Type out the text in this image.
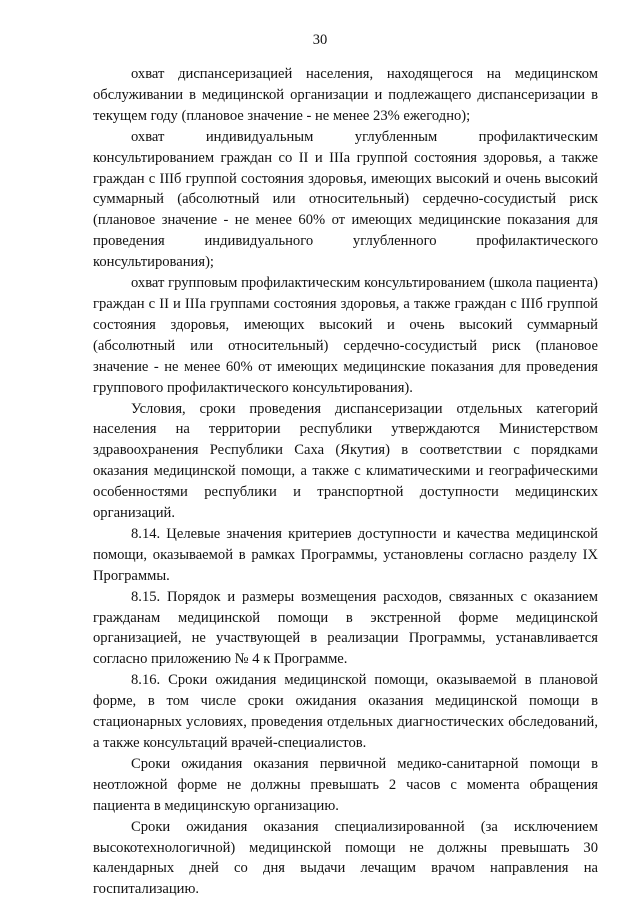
30

охват диспансеризацией населения, находящегося на медицинском обслуживании в медицинской организации и подлежащего диспансеризации в текущем году (плановое значение - не менее 23% ежегодно);

охват индивидуальным углубленным профилактическим консультированием граждан со II и IIIа группой состояния здоровья, а также граждан с IIIб группой состояния здоровья, имеющих высокий и очень высокий суммарный (абсолютный или относительный) сердечно-сосудистый риск (плановое значение - не менее 60% от имеющих медицинские показания для проведения индивидуального углубленного профилактического консультирования);

охват групповым профилактическим консультированием (школа пациента) граждан с II и IIIа группами состояния здоровья, а также граждан с IIIб группой состояния здоровья, имеющих высокий и очень высокий суммарный (абсолютный или относительный) сердечно-сосудистый риск (плановое значение - не менее 60% от имеющих медицинские показания для проведения группового профилактического консультирования).

Условия, сроки проведения диспансеризации отдельных категорий населения на территории республики утверждаются Министерством здравоохранения Республики Саха (Якутия) в соответствии с порядками оказания медицинской помощи, а также с климатическими и географическими особенностями республики и транспортной доступности медицинских организаций.

8.14. Целевые значения критериев доступности и качества медицинской помощи, оказываемой в рамках Программы, установлены согласно разделу IX Программы.

8.15. Порядок и размеры возмещения расходов, связанных с оказанием гражданам медицинской помощи в экстренной форме медицинской организацией, не участвующей в реализации Программы, устанавливается согласно приложению № 4 к Программе.

8.16. Сроки ожидания медицинской помощи, оказываемой в плановой форме, в том числе сроки ожидания оказания медицинской помощи в стационарных условиях, проведения отдельных диагностических обследований, а также консультаций врачей-специалистов.

Сроки ожидания оказания первичной медико-санитарной помощи в неотложной форме не должны превышать 2 часов с момента обращения пациента в медицинскую организацию.

Сроки ожидания оказания специализированной (за исключением высокотехнологичной) медицинской помощи не должны превышать 30 календарных дней со дня выдачи лечащим врачом направления на госпитализацию.
